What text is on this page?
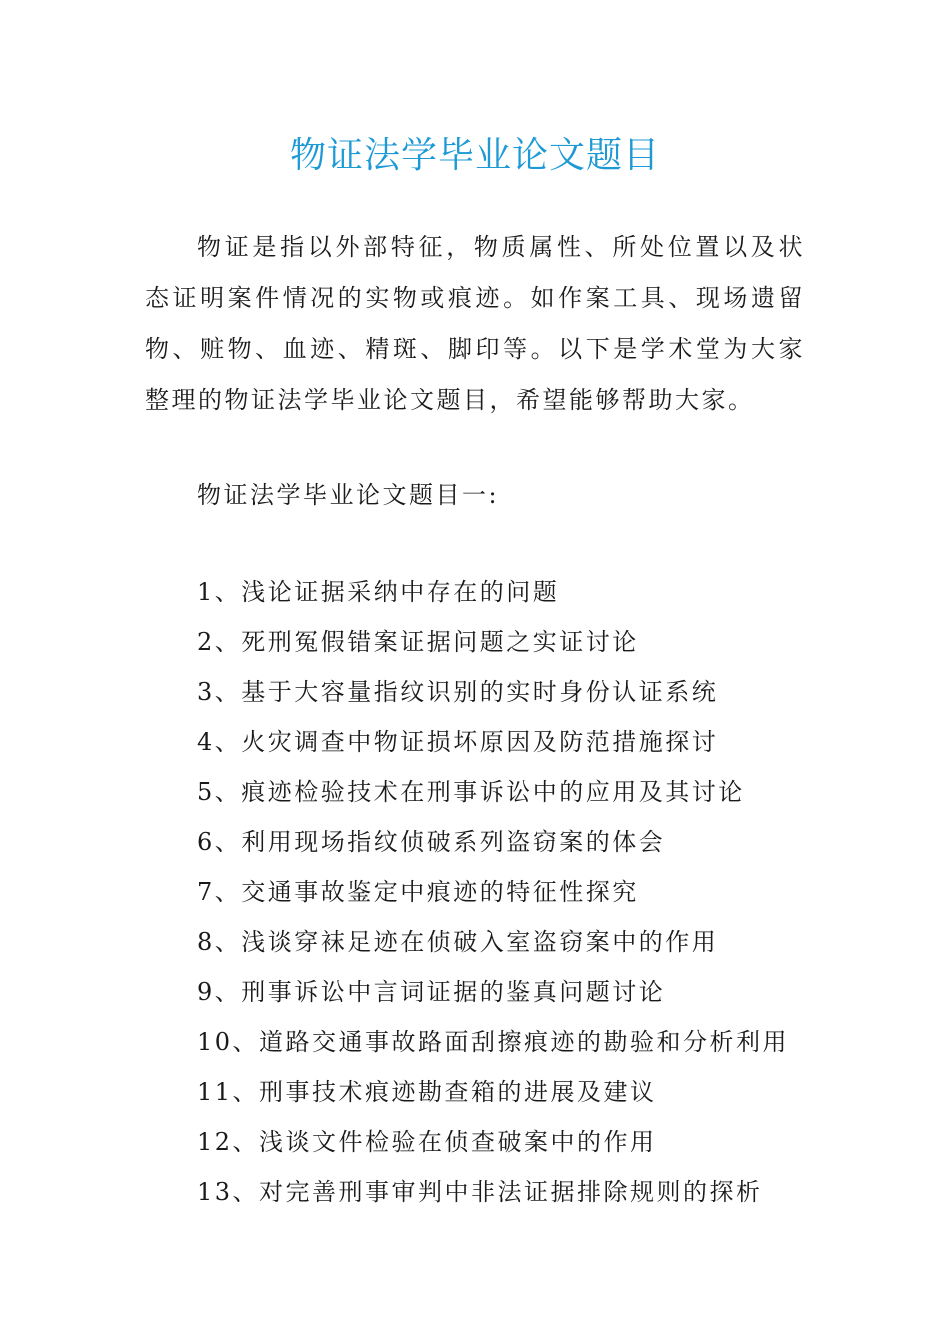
物证法学毕业论文题目

物证是指以外部特征，物质属性、所处位置以及状态证明案件情况的实物或痕迹。如作案工具、现场遗留物、赃物、血迹、精斑、脚印等。以下是学术堂为大家整理的物证法学毕业论文题目，希望能够帮助大家。

物证法学毕业论文题目一:

1、浅论证据采纳中存在的问题
2、死刑冤假错案证据问题之实证讨论
3、基于大容量指纹识别的实时身份认证系统
4、火灾调查中物证损坏原因及防范措施探讨
5、痕迹检验技术在刑事诉讼中的应用及其讨论
6、利用现场指纹侦破系列盗窃案的体会
7、交通事故鉴定中痕迹的特征性探究
8、浅谈穿袜足迹在侦破入室盗窃案中的作用
9、刑事诉讼中言词证据的鉴真问题讨论
10、道路交通事故路面刮擦痕迹的勘验和分析利用
11、刑事技术痕迹勘查箱的进展及建议
12、浅谈文件检验在侦查破案中的作用
13、对完善刑事审判中非法证据排除规则的探析
